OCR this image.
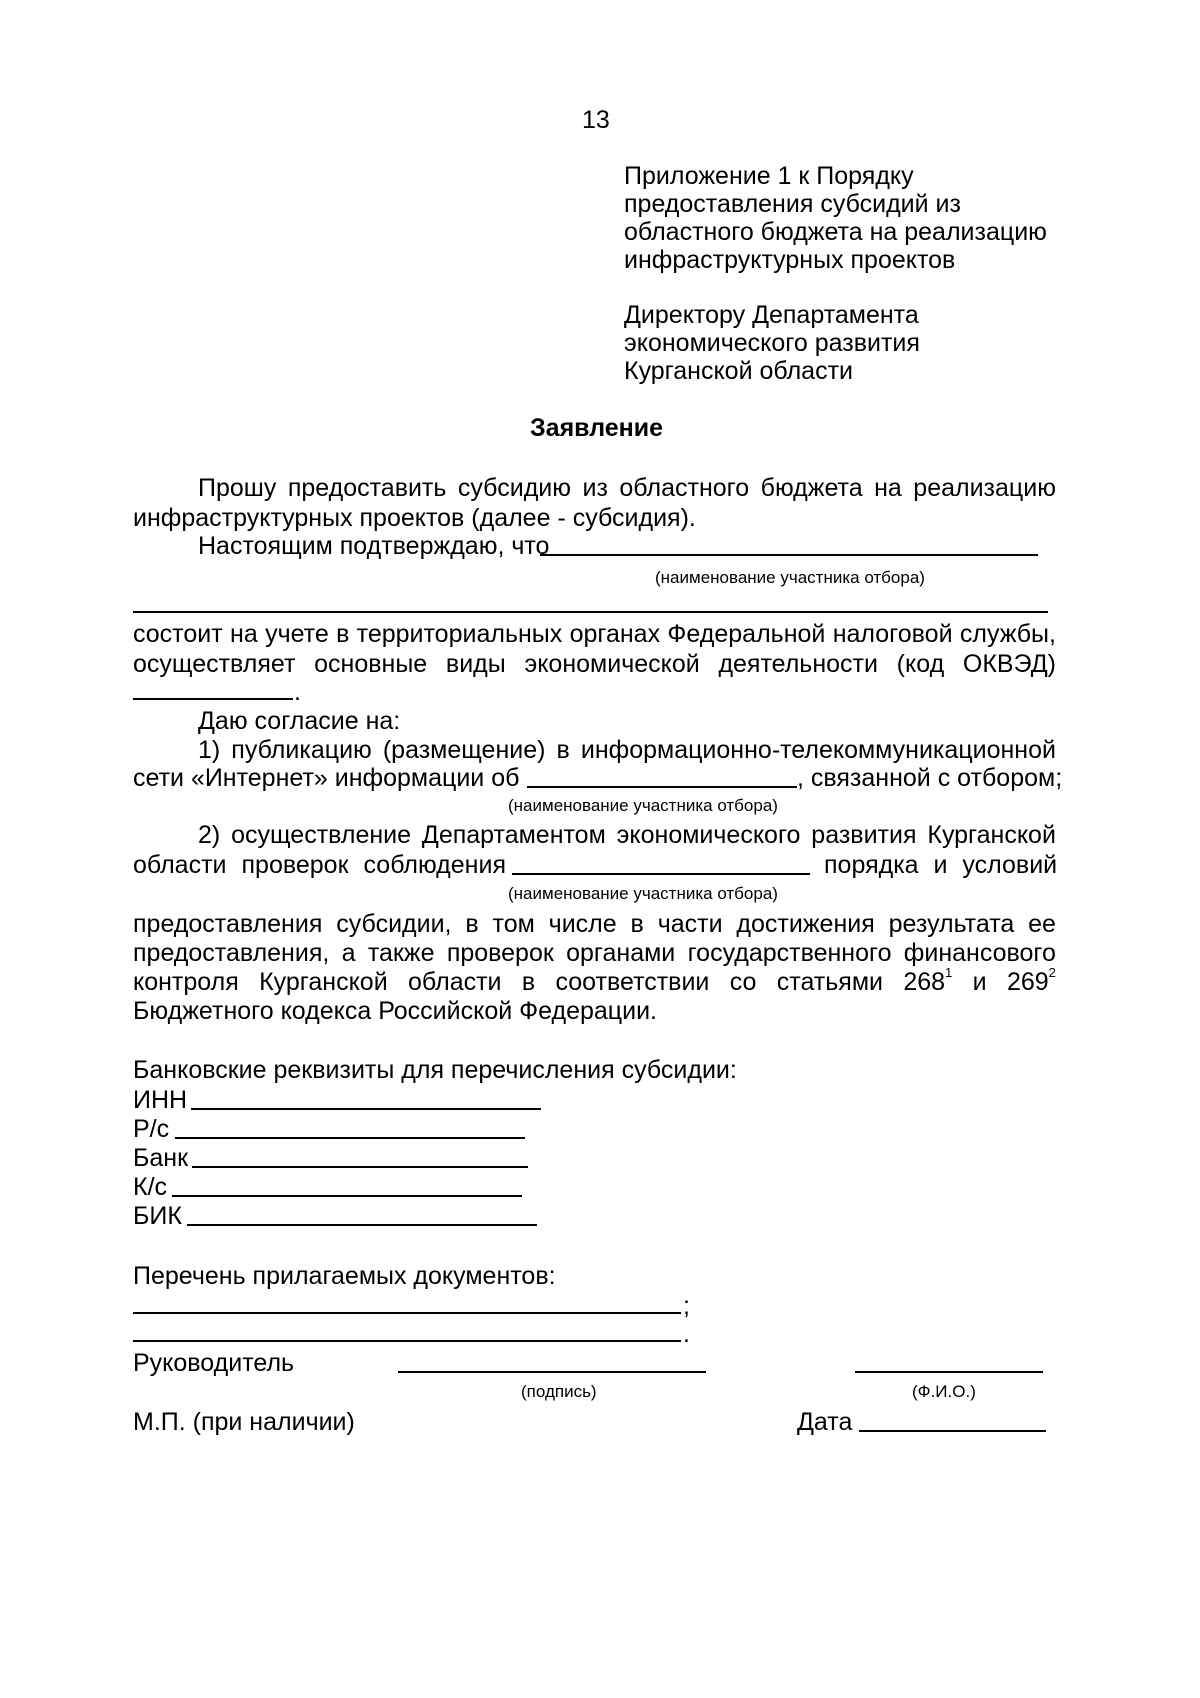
13
Приложение 1 к Порядку
предоставления субсидий из
областного бюджета на реализацию
инфраструктурных проектов
Директору Департамента
экономического развития
Курганской области
Заявление
Прошу предоставить субсидию из областного бюджета на реализацию
инфраструктурных проектов (далее - субсидия).
Настоящим подтверждаю, что
(наименование участника отбора)
состоит на учете в территориальных органах Федеральной налоговой службы,
осуществляет основные виды экономической деятельности (код ОКВЭД)
.
Даю согласие на:
1) публикацию (размещение) в информационно-телекоммуникационной
сети «Интернет» информации об	, связанной с отбором;
(наименование участника отбора)
2) осуществление Департаментом экономического развития Курганской
области проверок соблюдения	порядка и условий
(наименование участника отбора)
предоставления субсидии, в том числе в части достижения результата ее
предоставления, а также проверок органами государственного финансового
контроля Курганской области в соответствии со статьями $268^1$ и $269^2$
Бюджетного кодекса Российской Федерации.
Банковские реквизиты для перечисления субсидии:
ИНН
Р/с
Банк
К/с
БИК
Перечень прилагаемых документов:
;
.
Руководитель
(подпись)	(Ф.И.О.)
М.П. (при наличии)	Дата
